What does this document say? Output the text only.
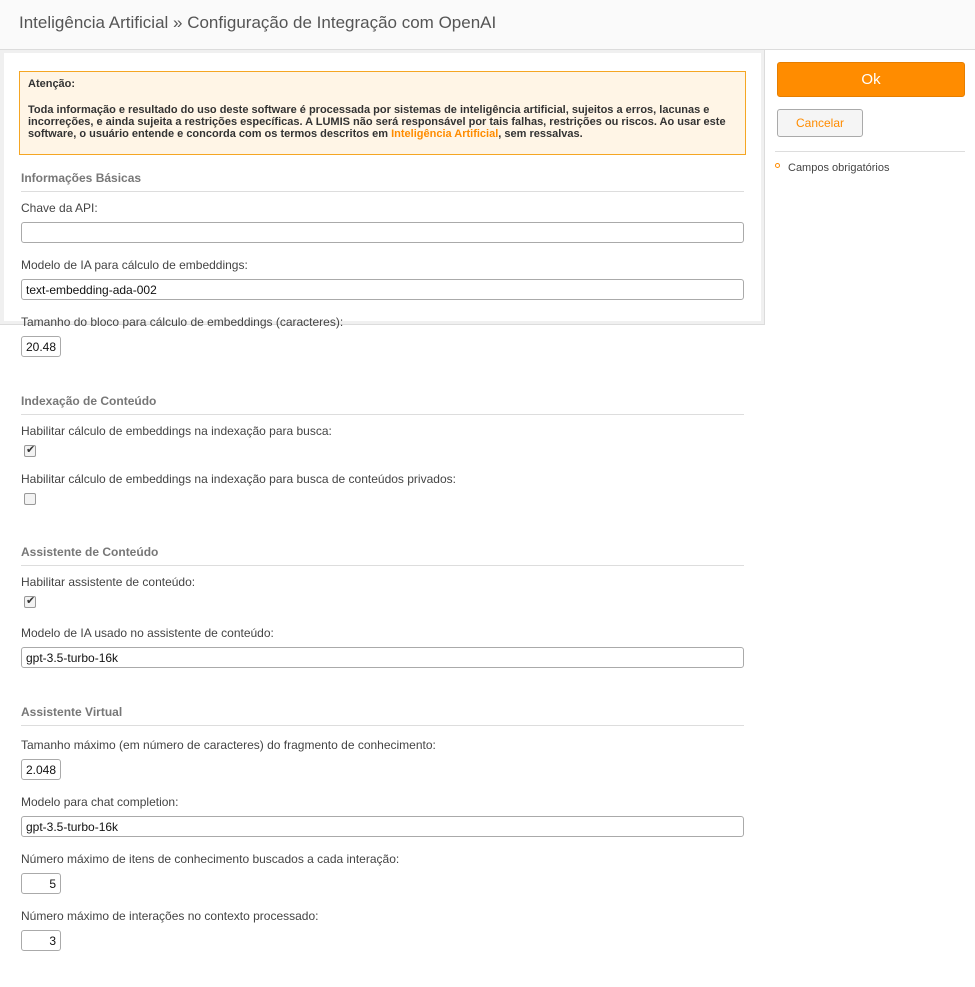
Inteligência Artificial » Configuração de Integração com OpenAI
Atenção:
Toda informação e resultado do uso deste software é processada por sistemas de inteligência artificial, sujeitos a erros, lacunas e incorreções, e ainda sujeita a restrições específicas. A LUMIS não será responsável por tais falhas, restrições ou riscos. Ao usar este software, o usuário entende e concorda com os termos descritos em Inteligência Artificial, sem ressalvas.
Informações Básicas
Chave da API:
Modelo de IA para cálculo de embeddings:
text-embedding-ada-002
Tamanho do bloco para cálculo de embeddings (caracteres):
20.480
Indexação de Conteúdo
Habilitar cálculo de embeddings na indexação para busca:
✔
Habilitar cálculo de embeddings na indexação para busca de conteúdos privados:
Assistente de Conteúdo
Habilitar assistente de conteúdo:
✔
Modelo de IA usado no assistente de conteúdo:
gpt-3.5-turbo-16k
Assistente Virtual
Tamanho máximo (em número de caracteres) do fragmento de conhecimento:
2.048
Modelo para chat completion:
gpt-3.5-turbo-16k
Número máximo de itens de conhecimento buscados a cada interação:
5
Número máximo de interações no contexto processado:
3
Ok
Cancelar
Campos obrigatórios
